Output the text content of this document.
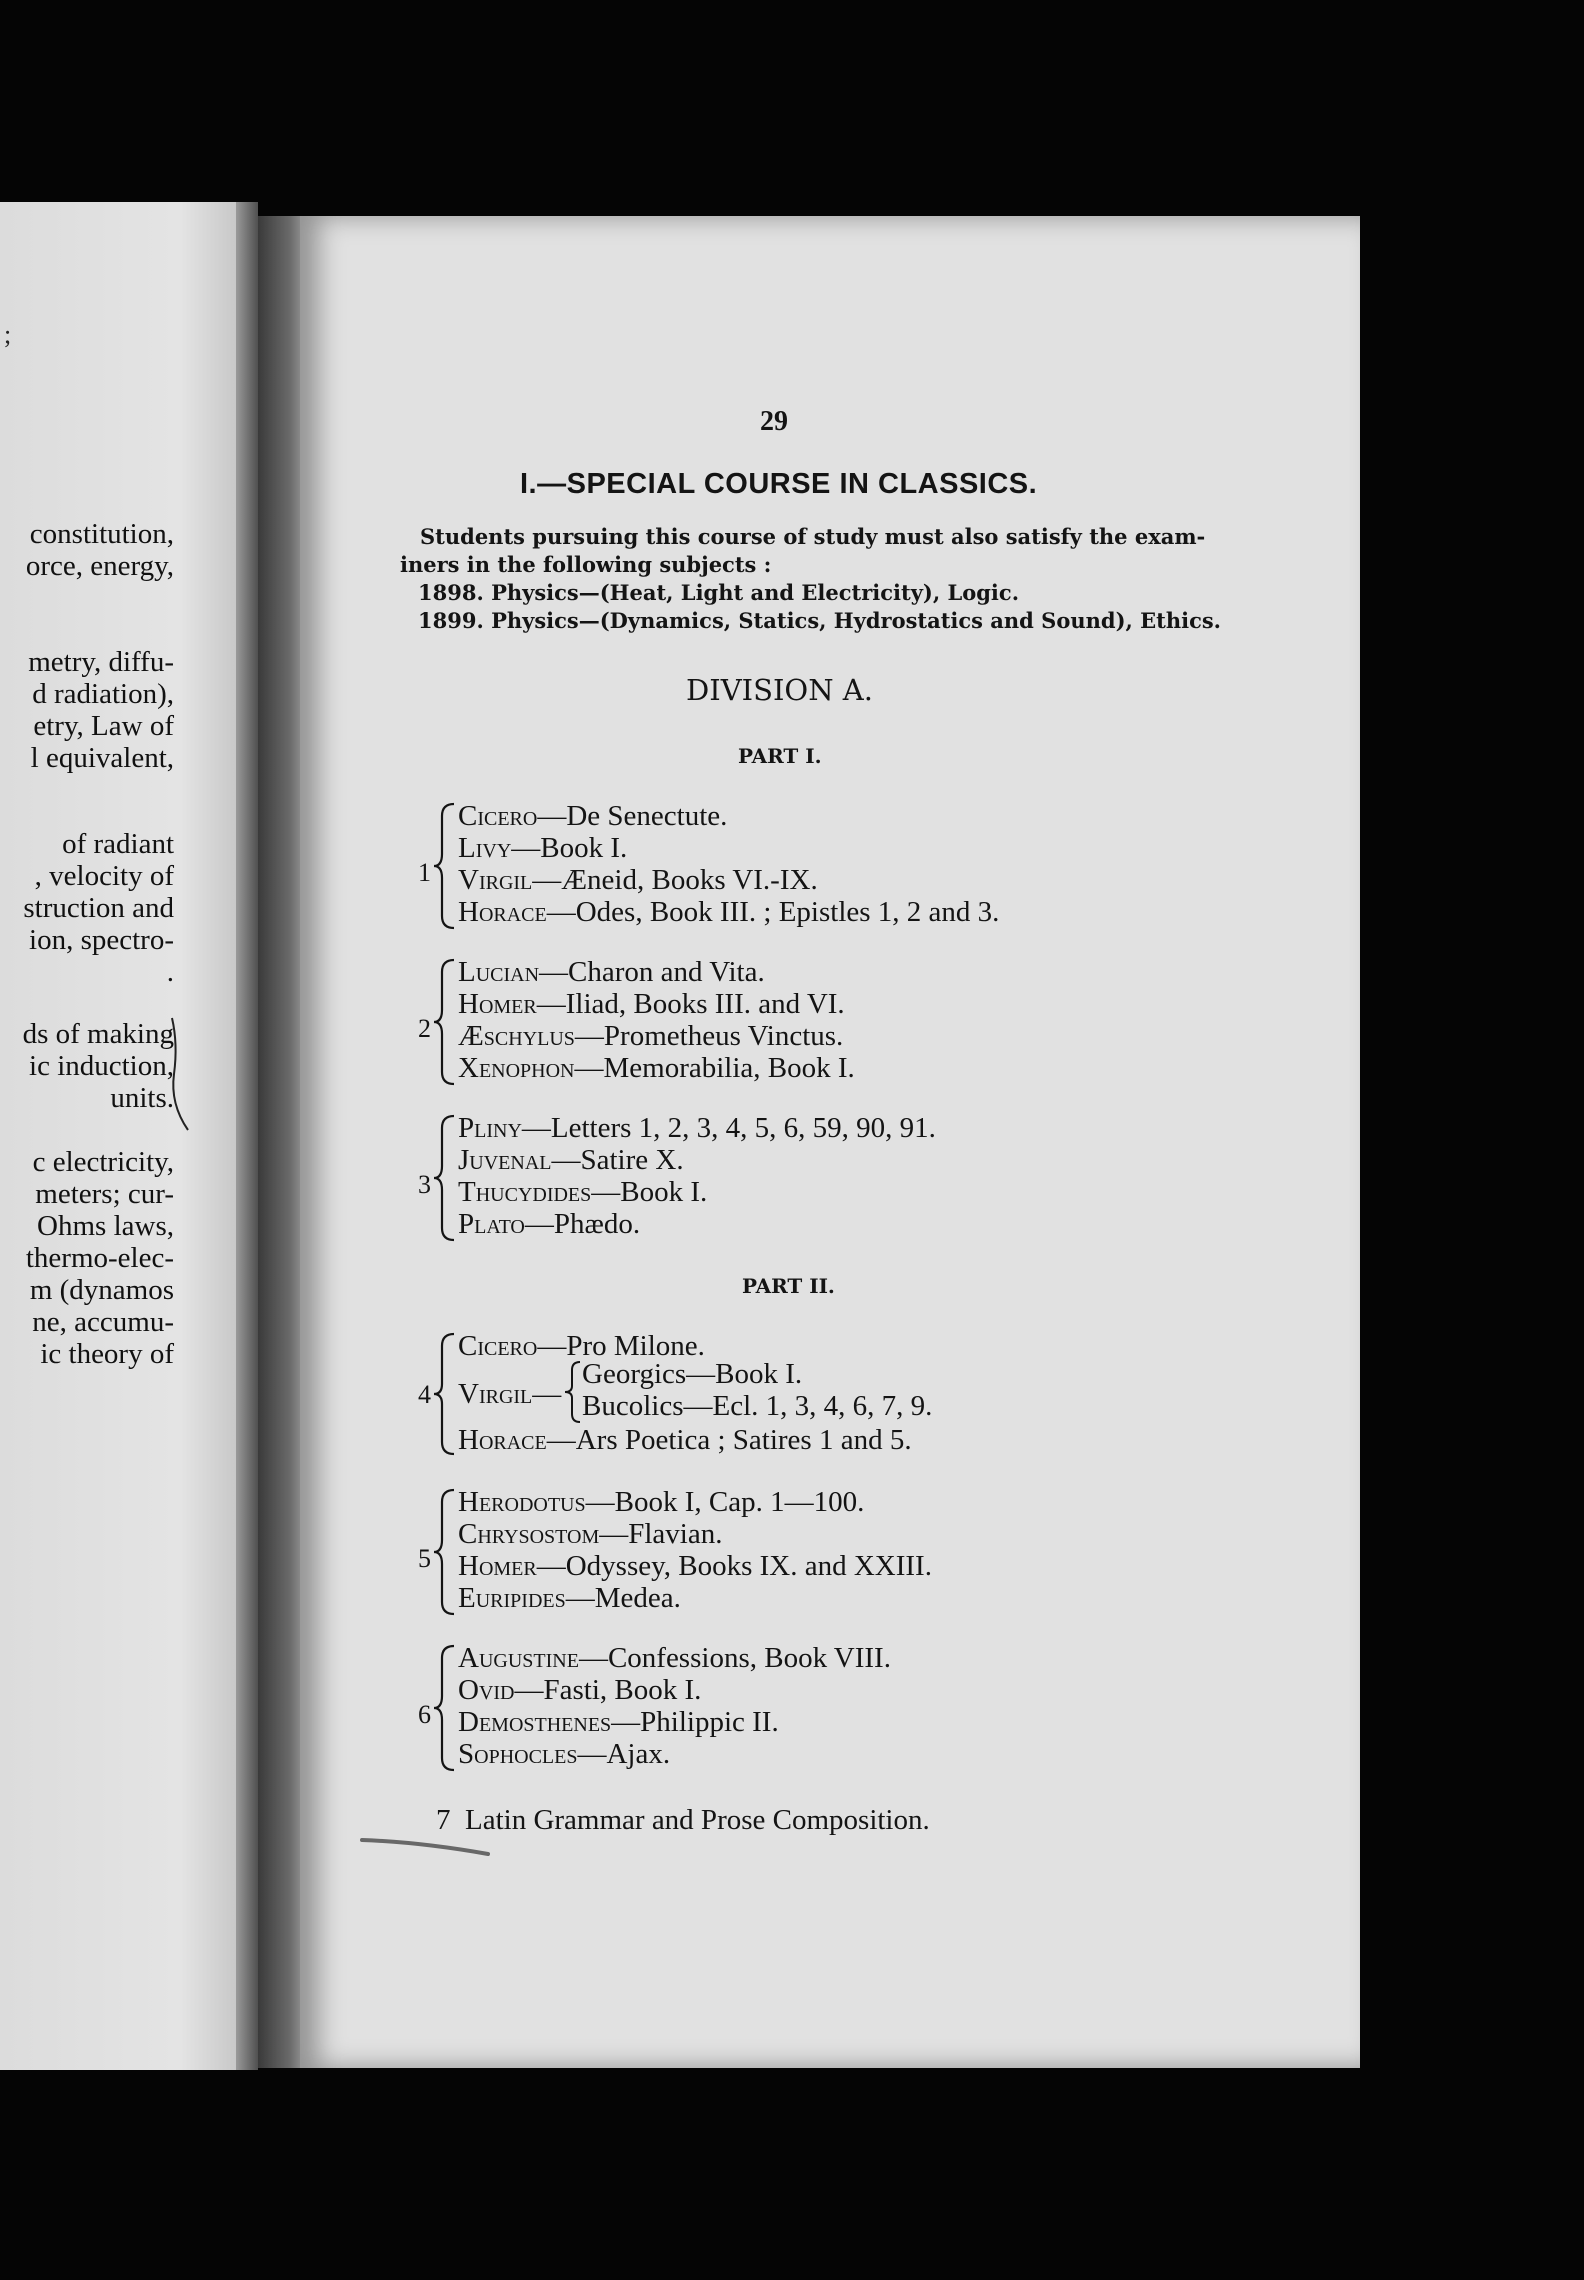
;
constitution,
orce, energy,
metry, diffu-
d radiation),
etry, Law of
l equivalent,
of radiant
, velocity of
struction and
ion, spectro-
.
ds of making
ic induction,
units.
c electricity,
meters; cur-
Ohms laws,
thermo-elec-
m (dynamos
ne, accumu-
ic theory of
29
I.—SPECIAL COURSE IN CLASSICS.
Students pursuing this course of study must also satisfy the exam-
iners in the following subjects :
1898. Physics—(Heat, Light and Electricity), Logic.
1899. Physics—(Dynamics, Statics, Hydrostatics and Sound), Ethics.
DIVISION A.
PART I.
1
Cicero—De Senectute.
Livy—Book I.
Virgil—Æneid, Books VI.-IX.
Horace—Odes, Book III. ; Epistles 1, 2 and 3.
2
Lucian—Charon and Vita.
Homer—Iliad, Books III. and VI.
Æschylus—Prometheus Vinctus.
Xenophon—Memorabilia, Book I.
3
Pliny—Letters 1, 2, 3, 4, 5, 6, 59, 90, 91.
Juvenal—Satire X.
Thucydides—Book I.
Plato—Phædo.
PART II.
4
Cicero—Pro Milone.
Virgil—
Georgics—Book I.
Bucolics—Ecl. 1, 3, 4, 6, 7, 9.
Horace—Ars Poetica ; Satires 1 and 5.
5
Herodotus—Book I, Cap. 1—100.
Chrysostom—Flavian.
Homer—Odyssey, Books IX. and XXIII.
Euripides—Medea.
6
Augustine—Confessions, Book VIII.
Ovid—Fasti, Book I.
Demosthenes—Philippic II.
Sophocles—Ajax.
7 Latin Grammar and Prose Composition.
